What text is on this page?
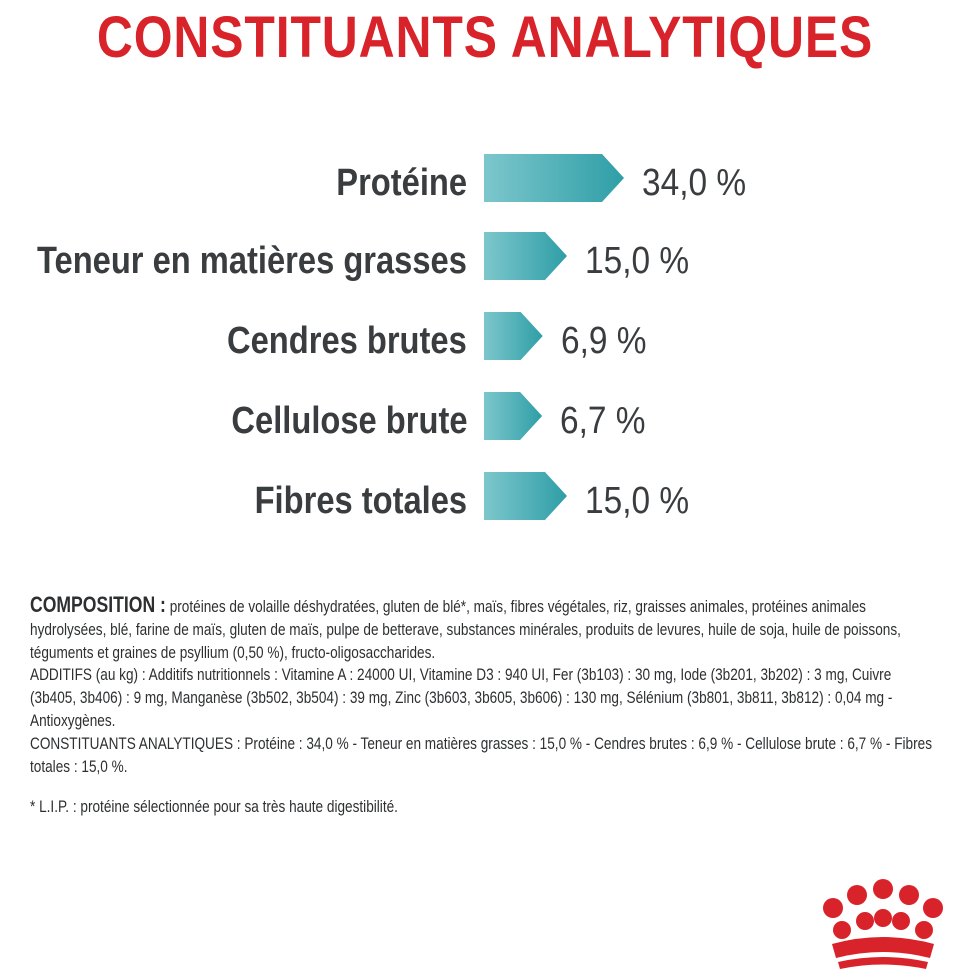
CONSTITUANTS ANALYTIQUES
Protéine	34,0 %
Teneur en matières grasses	15,0 %
Cendres brutes 6,9 %
Cellulose brute 6,7 %
Fibres totales	15,0 %

COMPOSITION : protéines de volaille déshydratées, gluten de blé*, maïs, fibres végétales, riz, graisses animales, protéines animales hydrolysées, blé, farine de maïs, gluten de maïs, pulpe de betterave, substances minérales, produits de levures, huile de soja, huile de poissons, téguments et graines de psyllium (0,50 %), fructo-oligosaccharides.

ADDITIFS (au kg) : Additifs nutritionnels : Vitamine A : 24000 UI, Vitamine D3 : 940 UI, Fer (3b103) : 30 mg, Iode (3b201, 3b202) : 3 mg, Cuivre (3b405, 3b406) : 9 mg, Manganèse (3b502, 3b504) : 39 mg, Zinc (3b603, 3b605, 3b606) : 130 mg, Sélénium (3b801, 3b811, 3b812) : 0,04 mg - Antioxygènes.

CONSTITUANTS ANALYTIQUES : Protéine : 34,0 % - Teneur en matières grasses : 15,0 % - Cendres brutes : 6,9 % - Cellulose brute : 6,7 % - Fibres totales : 15,0 %.

* L.I.P. : protéine sélectionnée pour sa très haute digestibilité.
